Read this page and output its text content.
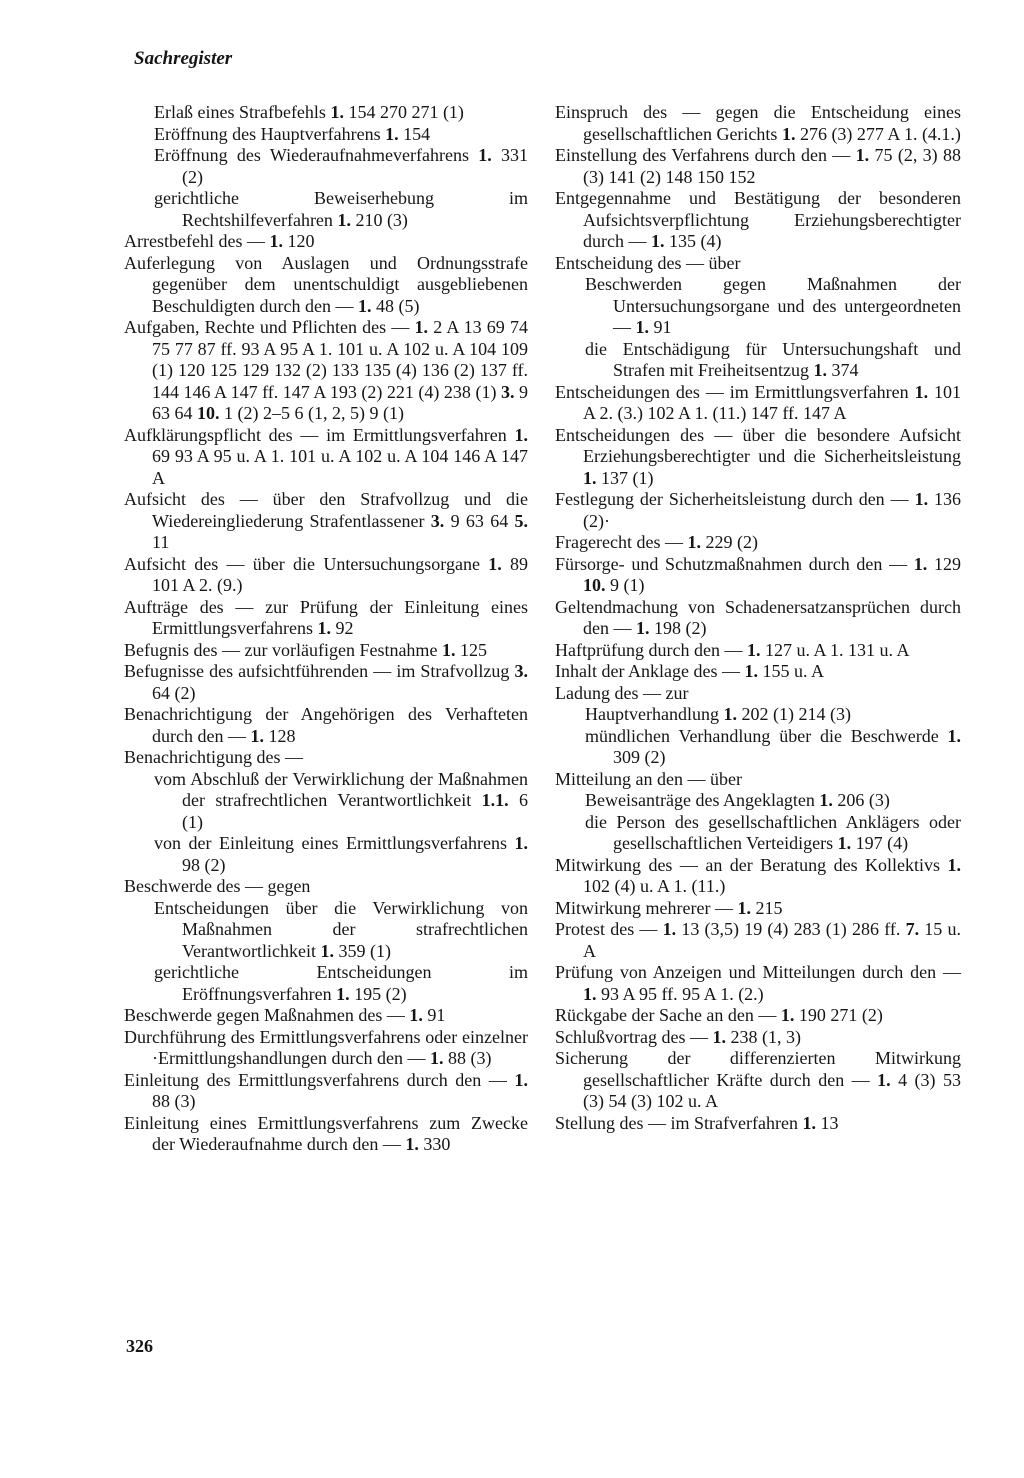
Sachregister

Erlaß eines Strafbefehls 1. 154 270 271 (1)

Eröffnung des Hauptverfahrens 1. 154

Eröffnung des Wiederaufnahmeverfahrens 1. 331 (2)

gerichtliche Beweiserhebung im Rechtshilfeverfahren 1. 210 (3)

Arrestbefehl des — 1. 120

Auferlegung von Auslagen und Ordnungsstrafe gegenüber dem unentschuldigt ausgebliebenen Beschuldigten durch den — 1. 48 (5)

Aufgaben, Rechte und Pflichten des — 1. 2 A 13 69 74 75 77 87 ff. 93 A 95 A 1. 101 u. A 102 u. A 104 109 (1) 120 125 129 132 (2) 133 135 (4) 136 (2) 137 ff. 144 146 A 147 ff. 147 A 193 (2) 221 (4) 238 (1) 3. 9 63 64 10. 1 (2) 2–5 6 (1, 2, 5) 9 (1)

Aufklärungspflicht des — im Ermittlungsverfahren 1. 69 93 A 95 u. A 1. 101 u. A 102 u. A 104 146 A 147 A

Aufsicht des — über den Strafvollzug und die Wiedereingliederung Strafentlassener 3. 9 63 64 5. 11

Aufsicht des — über die Untersuchungsorgane 1. 89 101 A 2. (9.)

Aufträge des — zur Prüfung der Einleitung eines Ermittlungsverfahrens 1. 92

Befugnis des — zur vorläufigen Festnahme 1. 125

Befugnisse des aufsichtführenden — im Strafvollzug 3. 64 (2)

Benachrichtigung der Angehörigen des Verhafteten durch den — 1. 128

Benachrichtigung des —

vom Abschluß der Verwirklichung der Maßnahmen der strafrechtlichen Verantwortlichkeit 1.1. 6 (1)

von der Einleitung eines Ermittlungsverfahrens 1. 98 (2)

Beschwerde des — gegen

Entscheidungen über die Verwirklichung von Maßnahmen der strafrechtlichen Verantwortlichkeit 1. 359 (1)

gerichtliche Entscheidungen im Eröffnungsverfahren 1. 195 (2)

Beschwerde gegen Maßnahmen des — 1. 91

Durchführung des Ermittlungsverfahrens oder einzelner ·Ermittlungshandlungen durch den — 1. 88 (3)

Einleitung des Ermittlungsverfahrens durch den — 1. 88 (3)

Einleitung eines Ermittlungsverfahrens zum Zwecke der Wiederaufnahme durch den — 1. 330

Einspruch des — gegen die Entscheidung eines gesellschaftlichen Gerichts 1. 276 (3) 277 A 1. (4.1.)

Einstellung des Verfahrens durch den — 1. 75 (2, 3) 88 (3) 141 (2) 148 150 152

Entgegennahme und Bestätigung der besonderen Aufsichtsverpflichtung Erziehungsberechtigter durch — 1. 135 (4)

Entscheidung des — über

Beschwerden gegen Maßnahmen der Untersuchungsorgane und des untergeordneten — 1. 91

die Entschädigung für Untersuchungshaft und Strafen mit Freiheitsentzug 1. 374

Entscheidungen des — im Ermittlungsverfahren 1. 101 A 2. (3.) 102 A 1. (11.) 147 ff. 147 A

Entscheidungen des — über die besondere Aufsicht Erziehungsberechtigter und die Sicherheitsleistung 1. 137 (1)

Festlegung der Sicherheitsleistung durch den — 1. 136 (2)·

Fragerecht des — 1. 229 (2)

Fürsorge- und Schutzmaßnahmen durch den — 1. 129 10. 9 (1)

Geltendmachung von Schadenersatzansprüchen durch den — 1. 198 (2)

Haftprüfung durch den — 1. 127 u. A 1. 131 u. A

Inhalt der Anklage des — 1. 155 u. A

Ladung des — zur

Hauptverhandlung 1. 202 (1) 214 (3)

mündlichen Verhandlung über die Beschwerde 1. 309 (2)

Mitteilung an den — über

Beweisanträge des Angeklagten 1. 206 (3)

die Person des gesellschaftlichen Anklägers oder gesellschaftlichen Verteidigers 1. 197 (4)

Mitwirkung des — an der Beratung des Kollektivs 1. 102 (4) u. A 1. (11.)

Mitwirkung mehrerer — 1. 215

Protest des — 1. 13 (3,5) 19 (4) 283 (1) 286 ff. 7. 15 u. A

Prüfung von Anzeigen und Mitteilungen durch den — 1. 93 A 95 ff. 95 A 1. (2.)

Rückgabe der Sache an den — 1. 190 271 (2)

Schlußvortrag des — 1. 238 (1, 3)

Sicherung der differenzierten Mitwirkung gesellschaftlicher Kräfte durch den — 1. 4 (3) 53 (3) 54 (3) 102 u. A

Stellung des — im Strafverfahren 1. 13

326
